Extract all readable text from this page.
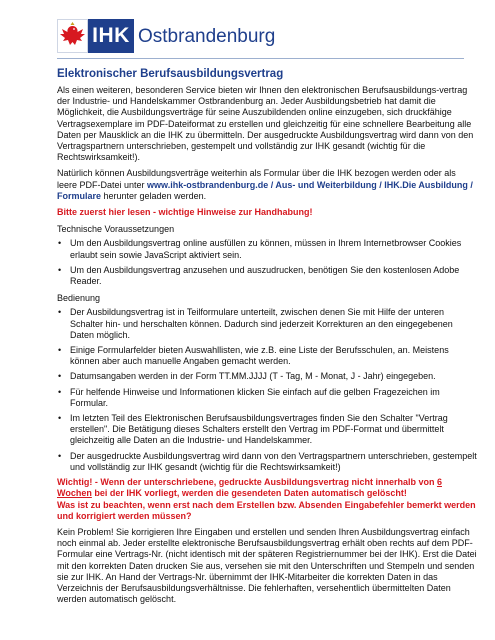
IHK Ostbrandenburg
Elektronischer Berufsausbildungsvertrag

Als einen weiteren, besonderen Service bieten wir Ihnen den elektronischen Berufsausbildungs-vertrag der Industrie- und Handelskammer Ostbrandenburg an. Jeder Ausbildungsbetrieb hat damit die Möglichkeit, die Ausbildungsverträge für seine Auszubildenden online einzugeben, sich druckfähige Vertragsexemplare im PDF-Dateiformat zu erstellen und gleichzeitig für eine schnellere Bearbeitung alle Daten per Mausklick an die IHK zu übermitteln. Der ausgedruckte Ausbildungsvertrag wird dann von den Vertragspartnern unterschrieben, gestempelt und vollständig zur IHK gesandt (wichtig für die Rechtswirksamkeit!).

Natürlich können Ausbildungsverträge weiterhin als Formular über die IHK bezogen werden oder als leere PDF-Datei unter www.ihk-ostbrandenburg.de / Aus- und Weiterbildung / IHK.Die Ausbildung / Formulare herunter geladen werden.

Bitte zuerst hier lesen - wichtige Hinweise zur Handhabung!

Technische Voraussetzungen
• Um den Ausbildungsvertrag online ausfüllen zu können, müssen in Ihrem Internetbrowser Cookies erlaubt sein sowie JavaScript aktiviert sein.
• Um den Ausbildungsvertrag anzusehen und auszudrucken, benötigen Sie den kostenlosen Adobe Reader.
Bedienung
• Der Ausbildungsvertrag ist in Teilformulare unterteilt, zwischen denen Sie mit Hilfe der unteren Schalter hin- und herschalten können. Dadurch sind jederzeit Korrekturen an den eingegebenen Daten möglich.
• Einige Formularfelder bieten Auswahllisten, wie z.B. eine Liste der Berufsschulen, an. Meistens können aber auch manuelle Angaben gemacht werden.
• Datumsangaben werden in der Form TT.MM.JJJJ (T - Tag, M - Monat, J - Jahr) eingegeben.
• Für helfende Hinweise und Informationen klicken Sie einfach auf die gelben Fragezeichen im Formular.
• Im letzten Teil des Elektronischen Berufsausbildungsvertrages finden Sie den Schalter "Vertrag erstellen". Die Betätigung dieses Schalters erstellt den Vertrag im PDF-Format und übermittelt gleichzeitig alle Daten an die Industrie- und Handelskammer.
• Der ausgedruckte Ausbildungsvertrag wird dann von den Vertragspartnern unterschrieben, gestempelt und vollständig zur IHK gesandt (wichtig für die Rechtswirksamkeit!)

Wichtig! - Wenn der unterschriebene, gedruckte Ausbildungsvertrag nicht innerhalb von 6 Wochen bei der IHK vorliegt, werden die gesendeten Daten automatisch gelöscht!
Was ist zu beachten, wenn erst nach dem Erstellen bzw. Absenden Eingabefehler bemerkt werden und korrigiert werden müssen?

Kein Problem! Sie korrigieren Ihre Eingaben und erstellen und senden Ihren Ausbildungsvertrag einfach noch einmal ab. Jeder erstellte elektronische Berufsausbildungsvertrag erhält oben rechts auf dem PDF-Formular eine Vertrags-Nr. (nicht identisch mit der späteren Registriernummer bei der IHK). Erst die Datei mit den korrekten Daten drucken Sie aus, versehen sie mit den Unterschriften und Stempeln und senden sie zur IHK. An Hand der Vertrags-Nr. übernimmt der IHK-Mitarbeiter die korrekten Daten in das Verzeichnis der Berufsausbildungsverhältnisse. Die fehlerhaften, versehentlich übermittelten Daten werden automatisch gelöscht.
